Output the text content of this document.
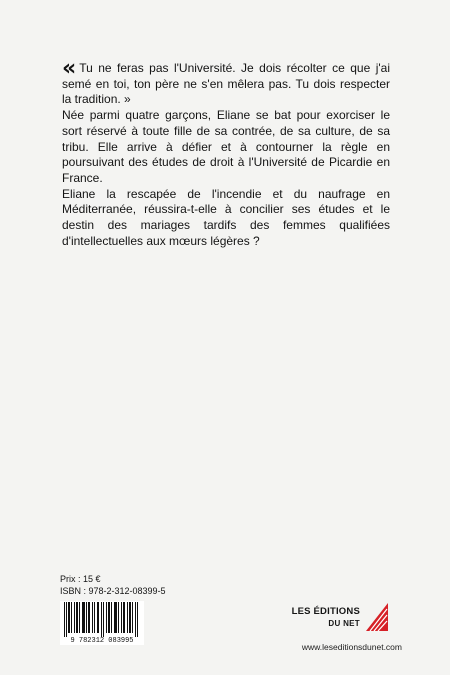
« Tu ne feras pas l'Université. Je dois récolter ce que j'ai semé en toi, ton père ne s'en mêlera pas. Tu dois respecter la tradition. »

Née parmi quatre garçons, Eliane se bat pour exorciser le sort réservé à toute fille de sa contrée, de sa culture, de sa tribu. Elle arrive à défier et à contourner la règle en poursuivant des études de droit à l'Université de Picardie en France.

Eliane la rescapée de l'incendie et du naufrage en Méditerranée, réussira-t-elle à concilier ses études et le destin des mariages tardifs des femmes qualifiées d'intellectuelles aux mœurs légères ?

Prix : 15 €
ISBN : 978-2-312-08399-5
9 782312 083995
LES ÉDITIONS
DU NET
www.leseditionsdunet.com
